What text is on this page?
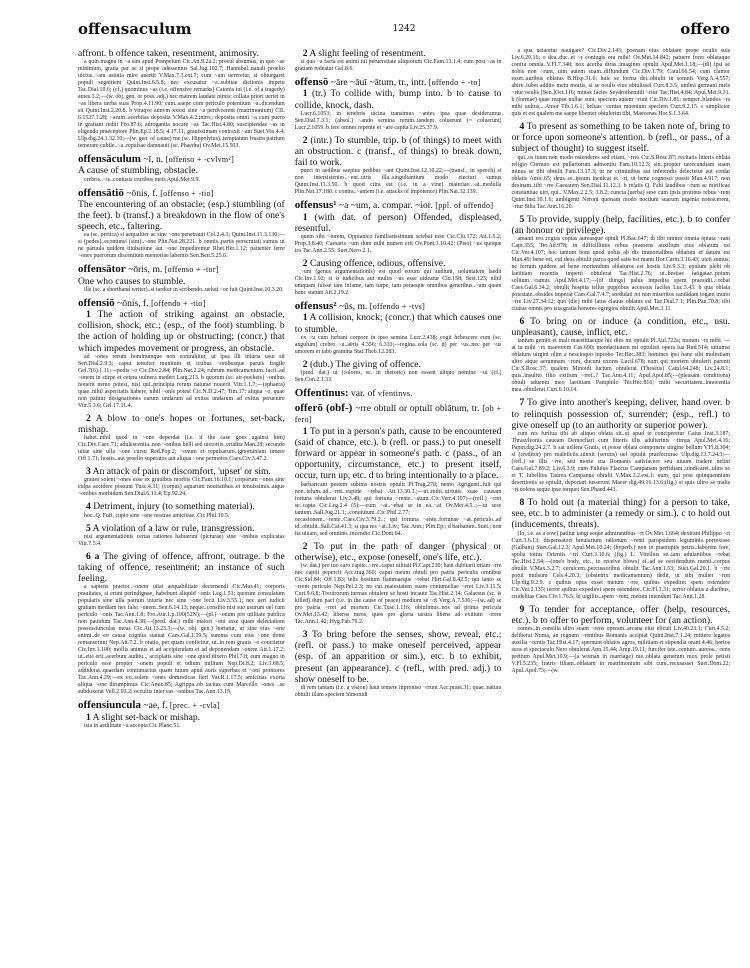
offensaculum	1242	offero

affront. b offence taken, resentment, animosity.

a quin magna in ~a sim apud Pompeium Cic.Att.9.2a.2; procul absumus, in quo ~ae minimum, gratia par ac si prope adessemus Sal.Jug.102.7; Hannibal..nauali proelio uictus..~am astutia mire auertit V.Max.7.3.ext.7; cum ~am uereretur, si obiurgaret populi segnitiem Quint.Inst.6.5.8; nec excusatur ~a..subitae dictionis impetu Tac.Dial.10.6; (cf.) quominus ~as (i.e. offensive remarks) Catonis tui (i.e. of a tragedy) ames 3.2;—(w. obj. gen. or poss. adj.) nec matrem laudate nimis: collata priori uertet in ~as libera uerba suas Prop.4.11.90; cum..saepe cum periculo potentium ~a..dicendum sit Quint.Inst.2.20.8. b vtraqve annvm xxxxi sine ~a perdvcerent (matrimonium) CIL 6.1527.1.28; ~arum..acerbitas deposita V.Max.4.2.intro.; deposita omni ~a cum puero in gratiam rediit Fro.87.6; adrogantia uocare ~as Tac.Hist.4.80; suscipiendas ~as in eligendo praeceptore Plin.Ep.2.18.5; 4.17.11; grauissimam contraxit ~am Suet.Ves.4.4; Ulp.dig.24.1.32.10;—(w. gen. of cause) me (sc. Hippolytus)..temptatum frustra patrium temerare cubile..~a..repulsae damnauit (sc. Phaedra) Ov.Met.15.503.

offensāculum ~ī, n. [offenso + -cvlvm²]

A cause of stumbling, obstacle.

crebris..~is..contusis cruribus meis Apul.Met.9.9.

offensātiō ~ōnis, f. [offenso + -tio]

The encountering of an obstacle; (esp.) stumbling (of the feet). b (transf.) a breakdown in the flow of one's speech, etc., faltering.

ea (sc. pertica) si aequaliter ac sine ~one penetrauit Col.2.4.3; Quint.Inst.11.3.130;—si (pedes)..econtunsi (sint)..~one Plin.Nat.28.221. b omnis..partis perscrutati sumus ut ne paruula quidem titubatione aut ~one impediremur Rhet.Her.1.12; patienter ferre ~ones puerorum discentium memoriae labentis Sen.Ben.5.25.6.

offensātor ~ōris, m. [offenso + -tor]

One who causes to stumble.

ille (sc. a shorthand writer)..si tardior in scribendo..ueluti ~or fuit Quint.Inst.10.3.20.

offensiō ~ōnis, f. [offendo + -tio]

1 The action of striking against an obstacle, collision, shock, etc.; (esp., of the foot) stumbling. b the action of holding up or obstructing; (concr.) that which impedes movement or progress, an obstacle.

ad ~ones rerum hominumque non contrahitur, ut ipsa illi iniuria usui sit Sen.Dial.2.9.3; caput tenuiter munitum et ictibus ~onibusque paruis fragile Gel.7(6).1.11;—pedis ~o Cic.Div.2.84; Plin.Nat.2.24; rubrum medicamentum..facit..ad ~onem in stirpe et cetera uulnera mederi Larg.213. b quorum (sc. air-pockets) ~onibus nouerit nemo potest, nisi qui..principia rerum naturae nouerit Vitr.1.1.7;—(sphaera) quae..nihil asperitatis habere, nihil ~onis potest Cic.N.D.2.47; Tim.17; aliqua ~o, quae non patitur designationes earum undarum ad exitus undarum ad exitus peruenire Vitr.5.3.6; Gel.17.11.4.

2 A blow to one's hopes or fortunes, set-back, mishap.

habet..nihil quod in ~one deperdat (i.e. if the case goes against him) Cic.Div.Caec.71; adulescentia..non ~onibus belli sed uictoriis..erudita Man.28; secundo uitae sine ulla ~one cursu Red.Pop.2; ~onum et repulsarum..ignominiam timere Off.1.71; hostis..aut proelio superatos aut aliqua ~one permotos Caes.Civ.3.47.2.

3 An attack of pain or discomfort, 'upset' or sim.

graues solent ~ones esse ex grauibus morbis Cic.Fam.16.10.1; corporum ~ones sine culpa accidere possunt Tusc.4.31; (corpus) aquarum nouitatibus..et tenuissimis..atque ~onibus morbidum Sen.Dial.6.11.4; Ep.92.24.

4 Detriment, injury (to something material).

hoc..Q. Fufi, cupio sine ~one nostrae amicitiae..Cic.Phil.10.5.

5 A violation of a law or rule, transgression.

nisi argumentationis certas rationes habuerint (picturae) sine ~onibus explicatas Vitr.7.5.4.

6 a The giving of offence, affront, outrage. b the taking of offence, resentment; an instance of such feeling.

a sapiens praetor..~onem uitat aequabilitate decernendi Cic.Mur.41; corporis prauitates, si erunt perindignae, habebunt aliquid ~onis Leg.1.51; quorum consulatum popularis sine ulla patrum iniuria nec sine ~one fecit Liv.3.55.1; nec ueri iudicii gratiam mediam nec falsi ~onem..Sen.6.14.13; neque..consilio nisi suo usurum uel cum periculo ~onis Tac.Ann.1.8; Fro.Aur.1.p.100(52N);—(pl.) ~onum pro utilitate publica non pauidum Tac.Ann.4.38;—(pred. dat.) mihi maiori ~oni esse quam delectationi possessiunculas meas Cic.Att.13.23.3;—(w. obj. gen.) hortatur, ut sine eius ~one animi..de eo causa cognita statuat Caes.Gal.1.19.5; summa cum eius ~one domi remanserunt Nep.Att.7.2. b oratio, per quam conficitur, ut..in rem grauis ~o concitetur Cic.Inv.1.100; mollis animus et ad accipiendam et ad deponendam ~onem Att.1.17.2; ut..etsi erit..acerbum auditu.., accipiatis sine ~one quod dixero Phil.7.8; eum magno in periculo esse propter ~onem populi et odium militum Nep.Di.8.2; Liv.3.68.5; addiderat..quaedam contumacius quam tutum apud auris superbas et ~oni proniores Tac.Ann.4.29;—ex eo..solere ~ones domesticas fieri Var.R.1.17.5; amicitias exorta aliqua ~one dirumpimus Cic.Amic.85; Agrippa..ob tacitas cum Marcello ~ones ..se subduxerat Vell.2.93.2; occultis inter eas ~onibus Tac.Ann.13.19.

offensiuncula ~ae, f. [prec. + -cvla]

1 A slight set-back or mishap.

ista in aedilitate ~a accepta Cic.Planc.51.

2 A slight feeling of resentment.

si qua ~a facta est animi tui peruersitate aliquorum Cic.Fam.13.1.4; cum post ~as in gratiam redeatur Gel.8.6.

offensō ~āre ~āuī ~ātum, tr., intr. [offendo + -to]

1 (tr.) To collide with, bump into. b to cause to collide, knock, dash.

Lucr.6.1053; in tenebris uicina transimus ~antes ipsa quae desideramus Sen.Dial.7.3.1; (absol.) ~ando semina rerum..tandem coluerunt (= coluerunt) Lucr.2.1059. b fere omnes repente et ~are capita Liv.25.37.9.

2 (intr.) To stumble, trip. b (of things) to meet with an obstruction. c (transf., of things) to break down, fail to work.

pueri in aedibus saepius pedibus ~ant Quint.Inst.12.10.22;—(transf., in speech) si non intersistentes..~ent..utris illa..singultantium modo eiecturi sumus Quint.Inst.11.3.50. b quod citra est (i.e. in a vine) materiae..~at..medulla Plin.Nat.17.180. c contra..~antem (i.e. attacks of impotence) Plin.Nat.32.139.

offensus¹ ~a ~um, a. compar. ~ior. [ppl. of offendo]

1 (with dat. of person) Offended, displeased, resentful.

quem sibi ~iorem, Oppianico familiarissimum sciebat esse Cic.Clu.172; Att.1.5.2; Prop.3.8.40; Caesaris ~um dum mihi numen erit Ov.Pont.1.10.42; (Piso) ~us quoque ira Tac.Ann.2.55; Suet.Nero 2.1.

2 Causing offence, odious, offensive.

~um (genus argumentationis) est quod eorum qui audiunt, uoluntatem laedit Cic.Inv.1.92; si is iudicibus aut multis ~us esse uideatur Clu.158; Sest.125; nihil umquam fuisse tam infame, tam turpe, tam peraeque omnibus generibus..~um quam hunc statum Att.2.19.2.

offensus² ~ūs, m. [offendo + -tvs]

1 A collision, knock; (concr.) that which causes one to stumble.

ex ~u cum turbant corpore in ipso semina Lucr.2.438; cogit hebescere eum (sc. angulum) crebro ~u..aëris 4.356; 6.333;—regina..sola (sc. it) per ~us..nec per ~us umorem et tabo gramina Stat.Theb.12.283.

2 (dub.) The giving of offence.

(pred. dat.) ut (colores, sc. in rhetoric) non essent aliquo nomine ~ui (cf.) Sen.Con.2.1.33.

Offentīnus: var. of vfentinvs.

offerō (obf-) ~rre obtulī or optulī oblātum, tr. [ob + fero]

1 To put in a person's path, cause to be encountered (said of chance, etc.). b (refl. or pass.) to put oneself forward or appear in someone's path. c (pass., of an opportunity, circumstance, etc.) to present itself, occur, turn up, etc. d to bring intentionally to a place.

barbaricam pestem subinis nostris optulit Pl.Trag.270; nemo Agrigenti..fuit qui non..telum..ad..~rret..cupide ~rebat Att.13.30.3.;—ut..mihi..uirtutis suae causam fortuna obtulerat Liv.3.48; qui fortuna ~rente..~atum..Cic.Verr.4.107;—(refl.) ~rret se..capta Cic.Leg.2.4 (5);—cum ~at..~ebat se in ea..~at Ov.Met.4.5..;—ut sese tantum..Sall.Jug.21.1;..conuiuium..Cic.Phil.2.77; occasionem..~rente..Caes.Civ.3.79.2..; qui fortuna ~ente..fortunae ~at..periculo..ad id..obtulit..Sall.Cat.41.3; si qua res ~at..Liv.; Tac.Ann.; Plin.Ep.; d barbatum..Suet.; non ita uiuam, sed omnino..incendio Cic.Dom.64.

2 To put in the path of danger (physical or otherwise), etc., expose (oneself, one's life, etc.).

(w. dat.) pro tuo caro capite..~rre..caput uilitati Pl.Capt.230; haut dubitarit uitam ~rre nec capiti pepercit Acc.trag.360; caput meum obtuli pro patria periculis omnibus Cic.Sul.84; Off.1.83; telis hostium flammaeque ~rebat Hirt.Gal.8.42.5; qui tanto se ~rrent periculo Nep.Pel.2.3; ne cui..maiestatem suam contumeliae ~rret Liv.3.11.5; Curt.9.6.8; Treuirorum turmae obtulere se hosti incaute Tac.Hist.2.14; Galaesus (sc. is killed) dum paci (i.e. in the cause of peace) medium se ~rt Verg.A.7.536;—(w. ad) se pro patria ~rret ad mortem Cic.Tusc.1.116; obtulimus..nos ad prima pericula Ov.Met.13.42; liberos meos, quos pro gloria uestra libens ad exitium ~rrem Tac.Ann.1.42; Hyg.Fab.79.2.

3 To bring before the senses, show, reveal, etc.; (refl. or pass.) to make oneself perceived, appear (esp. of an apparition or sim.), etc. b to exhibit, present (an appearance). c (refl., with pred. adj.) to show oneself to be.

di rem tantam (i.e. a vision) haut temere inproniso ~rrunt Acc.praet.31; quae..natura obtulit illam speciem Simonidi

a qua uetaretur nauigare? Cic.Div.2.143; poenam eius oblatam prope oculis suis Liv.6.20.16; o dea..duc..et ~r coniugis ora mihi! Ov.Met.14.842; patuere fores oblataque contra omnia..V.Fl.7.348; nox acerba diras..imagines optulit Apul.Met.1.18;—(di) ipsi se nobis non ~runt, uim autem suam..diffundunt Cic.Div.1.79; Catul.66.54; cum clamor esset..auribus oblatus B.Hisp.31.6; huic se forma dei..obtulit in somnis Verg.A.4.557; abire..iubet addito metu mortis, si se oculis eius obtulisset Curt.8.3.5; umbra germani meis ~rtur oculis [Sen.]Oct.116; minax facies Seydrothemidi ~rtur Tac.Hist.4.84; Apul.Met.9.31. b (formae) quae reapse nullae sunt, speciem autem ~runt Cic.Div.1.81; semper..blandos ~rs mihi uultus,...Amor Tib.1.6.1; beluas ~rentes moenium speciem Curt.9.2.15. c simplicior quis et est qualem me saepe libenter obtulerim tibi, Maecenas Hor.S.1.3.64.

4 To present as something to be taken note of, bring to or force upon someone's attention. b (refl., or pass., of a subject of thought) to suggest itself.

qui..os tuum non modo ostenderes sed etiam, ~rres Cic.S.Rosc.87; recitatis litteris oblata religio Cornuto est pullariorum admonitu Fam.10.12.3; sin..propter uerecundiam suam minus se tibi obtulit Fam.13.17.3; ut ne criminibus aut inferendis delectetur aut credat oblatis Amic.65; deus..se..ipsum inculcat et ~rt, ut bene cognosci possit Man.4.917; non desinam..tibi ~rre Caesarem Sen.Dial.11.12.3. b relatis Q. Fabi laudibus ~runt se mirificae constantiae uiri, qui.. V.Max.2.2.5; 3.8.2; cuncta (uerba) sese cum ipsis protinus rebus ~rent Quint.Inst.10.1.6; ambigenti Neroni quonam modo noctium suarum ingenia notescerent, ~rtur Silia Tac.Ann.16.20.

5 To provide, supply (help, facilities, etc.). b to confer (an honour or privilege).

amanti ero..regias copias aureasque optuli Pl.Bac.647; di tibi omnes omnia optata ~rant Capt.355; Ter.Ad.978; in difficillimis rebus praesens auxilium eius oblatum est Cic.Ver.4.107; hoc tantum boni quod uobis ab dis immortalibus oblatum et datum est Man.49; bene est, cui deus obtulit parca quod satis est manu Hor.Carm.3.16.43; uicti sumus; ne ferrum quidem ad bene moriendum oblaturos est hostis Liv.9.3.3; epulum plebi ob laetitiam recentis imperii obtulerat Tac.Hist.2.76; ut..bestiae fatigatae..potum solitum..~ramus Apul.Met.4.17;—(of things) palus impedita spem praesidii..~rebat Caes.Gal.6.34.2; obtulit hospita tellus puppibus accessus faciles Luc.3.43. b qua oblata potestate..obsides imperat Caes.Gal.7.4.7; sordidati rei non miseritos candidam togam inuito ~rre Liv.27.34.12; quo (die) mihi latus clauus oblatus est Tac.Dial.7.1; Plin.Pan.70.8; tibi ciuitas omnis pro ista gratia honores egregios obtulit Apul.Met.3.11.

6 To bring on or induce (a condition, etc., usu. unpleasant), cause, inflict, etc.

tantum gemiti et mali maestitiaeque hic dies mi optulit Pl.Aul.722a; moram ~rs mihi. — at tu mihi ~rs maerorem Cas.690; mendacitatem mi optulisti opera tua Rud.514; uitiumst oblatum uirgini olim a nescioquo inprobo Ter.Hec.383; homines ipsi hanc sibi molestiam ultro atque aerumnam ~runt, ducunt uxores Lucil.678; eum qui mortem obtulerit parenti Cic.S.Rosc.37; qualem Minoidi luctum obtulerat (Theseus) Catul.64.248; Liv.24.8.1; quis..insulito filio exitium ~rret..? Tac.Ann.4.11; Apul.Apol.85;—(pleasant conditions) obtuli aduentu meo laetitiam Pamphilo Ter.Hec.816; mihi securitatem..innocentia mea..obtulerat Curt.6.10.14.

7 To give into another's keeping, deliver, hand over. b to relinquish possession of, surrender; (esp., refl.) to give oneself up (to an authority or superior power).

cum res furtiua tibi ab aliquo oblata sit..ut apud te conciperetur Gaius Inst.3.187; Thrasyleonis caueam Demochari cum litteris illis adulterinis ~rimus Apul.Met.4.16; Papin.dig.24.2.7. b sat uellera Graiis, et posse oblata componere uirgine bellum V.Fl.8.304; si (creditor) pro maleficiis..uinxit (seruus) uel optulit praefecturae Ulp.dig.13.7.24.3;—(refl.) se illis ~rre, seu morte sua Romanis satisfacere seu uiuum tradere uelint Caes.Gal.7.89.2; Liv.6.3.9; cum Fuluius Flaccus Campanam perfidiam..uindicaret..ultro se ei T. Iubellius Taurea Campanus obtulit V.Max.3.2.ext.1; eum, qui post quinquennium desertionis se optulit, deportari iusserunt Macer dig.49.16.13.6;(fig.) si quis ultro se malis ~rt uolens seque ipse torquet Sen.Phaed.441.

8 To hold out (a material thing) for a person to take, see, etc. b to administer (a remedy or sim.). c to hold out (inducements, threats).

(Io, i.e. as a cow) patitur tangi seque admirantibus ~rt Ov.Met.1.664; dextram Philippo ~rt Curt.3.6.13; dispensatori breuiarium rationum ~renti paropsidem leguminis..porrexisse (Galbam) Suet.Gal.12.3; Apul.Met.10.24; (hyperb.) non in praeruptis petris..laborem fore, spolia totius Orientis ~rri Curt.3.10.6; (fig.) L. Vitellius se..iam adulantibus ~rebat Tac.Hist.2.54;—(one's body, etc., to receive blows) ei..ad se occidendum ruenti..corpus obtulit V.Max.3.2.7; ceruicem..percussoribus obtulit Tac.Ann.1.53; Suet.Gal.20.1. b ~rre potui mulsum Cels.4.20.3; (obstetrix medicamentum) dedit, ut sibi mulier ~rret Ulp.dig.9.2.9. c quibus opus esset metum ~rre, quibus expediret spem ostendere Cic.Ver.2.135; terror quibus expediret spem ostendere..Cic.Fl.1.31; terror oblatus a ducibus, crudelitas Caes.Civ.1.76.5; hi uigiliis..spem ~runt, metum intendunt Tac.Ann.1.28.

9 To tender for acceptance, offer (help, resources, etc.). b to offer to perform, volunteer for (an action).

comes..in consilia ultro suam ~rens operam..arcana eius elicuit Liv.40.23.1; Curt.4.5.2; deliberat Numa, an regnum ~rentibus Romanis accipiat Quint.Inst.7.1.24; mittere legatos auxilia ~rentis Tac.Hist.4.17; spernunt oblatos agros, militiam et stipendia orant 4.46; hortos suos ei spectaculo Nero obtulerat Ann.15.44; Amp.19.11; furcifer iste..centum..aureos..~rens pretium Apul.Met.10.9;—(a woman in marriage) me..oblata generum mox prole petisti V.Fl.5.235; fratris filiam..oblatam in matrimonium sibi cum..recusasset Suet.Dom.22; Apul.Apol.73;—(w.
